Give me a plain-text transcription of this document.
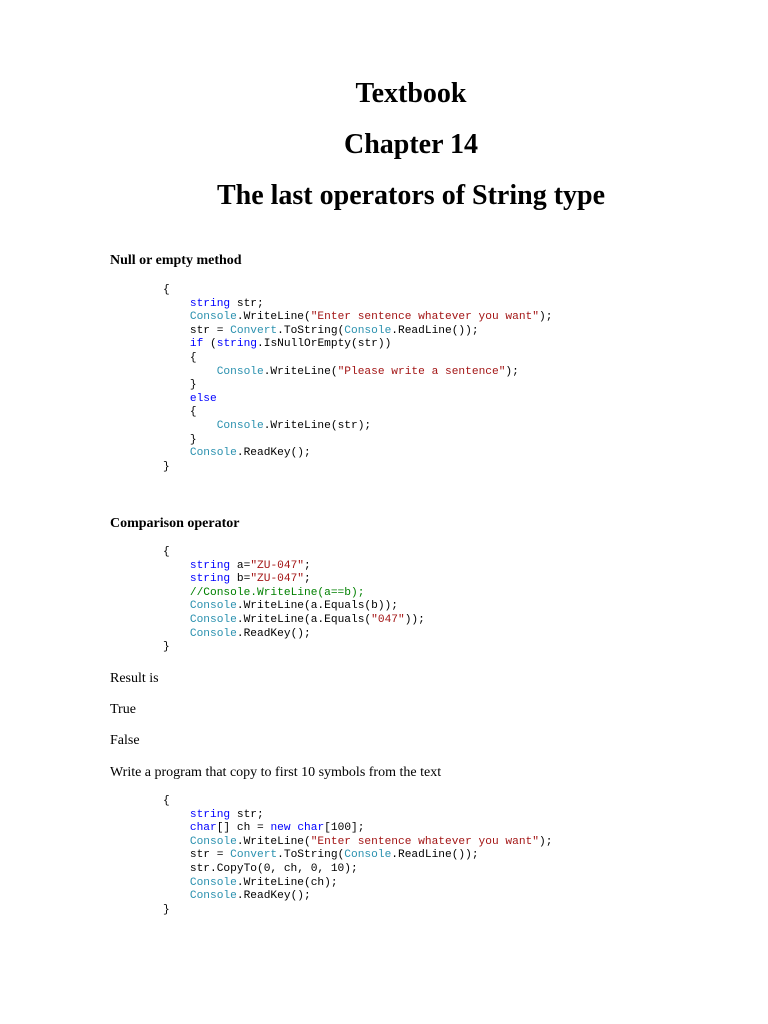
Textbook

Chapter 14

The last operators of String type

Null or empty method
{
string str;
Console.WriteLine("Enter sentence whatever you want");
str = Convert.ToString(Console.ReadLine());
if (string.IsNullOrEmpty(str))
{
Console.WriteLine("Please write a sentence");
}
else
{
Console.WriteLine(str);
}
Console.ReadKey();
}
Comparison operator
{
string a="ZU-047";
string b="ZU-047";
//Console.WriteLine(a==b);
Console.WriteLine(a.Equals(b));
Console.WriteLine(a.Equals("047"));
Console.ReadKey();
}
Result is
True
False
Write a program that copy to first 10 symbols from the text
{
string str;
char[] ch = new char[100];
Console.WriteLine("Enter sentence whatever you want");
str = Convert.ToString(Console.ReadLine());
str.CopyTo(0, ch, 0, 10);
Console.WriteLine(ch);
Console.ReadKey();
}
